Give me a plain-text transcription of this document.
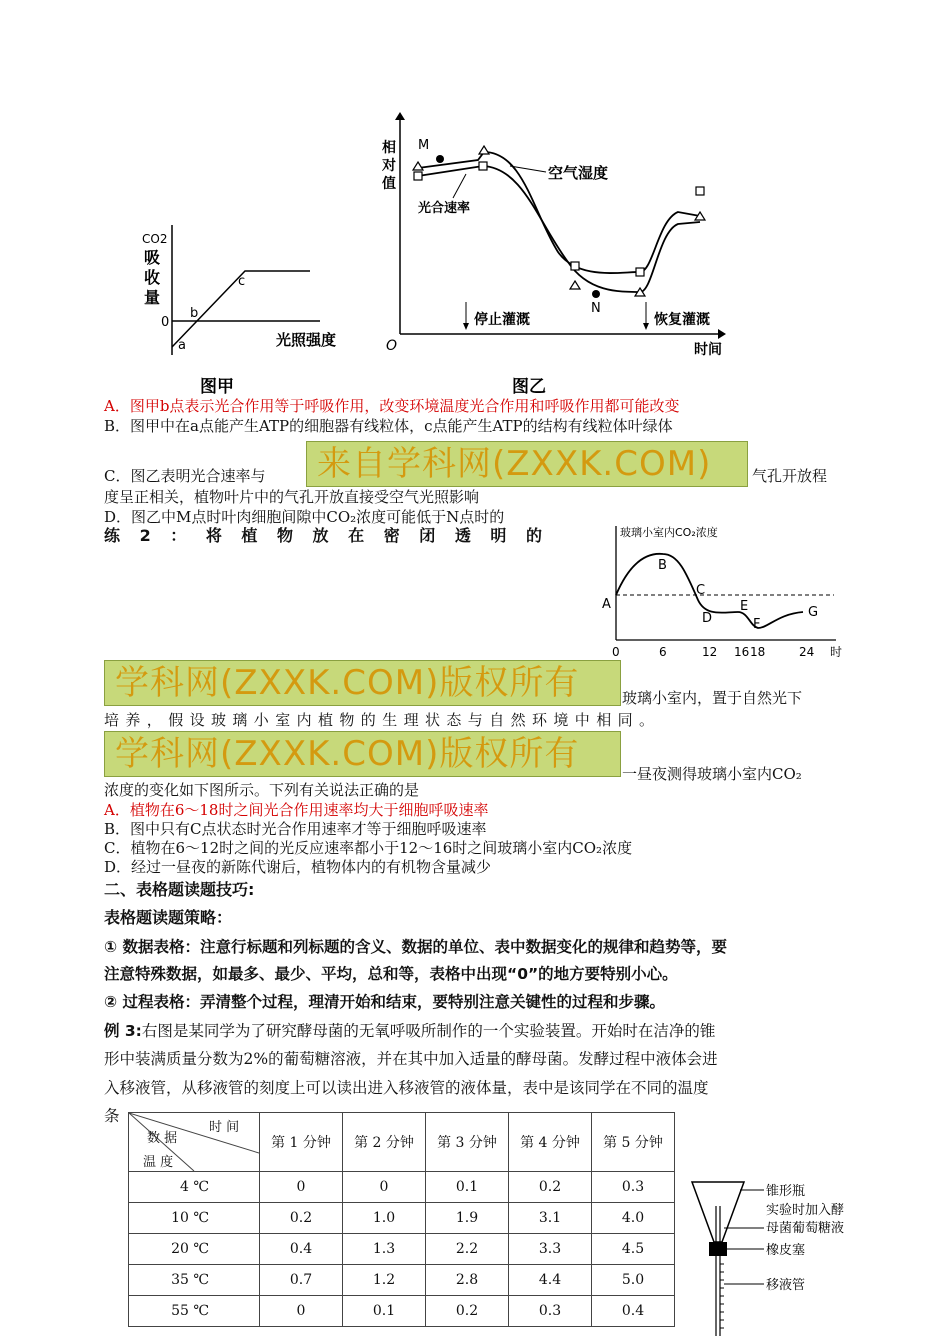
CO2
吸
收
量
0
a
b
c
光照强度
图甲
相
对
值
M
N
空气湿度
光合速率
停止灌溉	恢复灌溉
O	时间
图乙
A．图甲b点表示光合作用等于呼吸作用，改变环境温度光合作用和呼吸作用都可能改变
B．图甲中在a点能产生ATP的细胞器有线粒体，c点能产生ATP的结构有线粒体叶绿体
C．图乙表明光合速率与	气孔开放程
度呈正相关，植物叶片中的气孔开放直接受空气光照影响
D．图乙中M点时叶肉细胞间隙中CO₂浓度可能低于N点时的
来自学科网(ZXXK.COM)
练 2 ： 将 植 物 放 在 密 闭 透 明 的	玻璃小室内CO₂浓度
A
B
C
D
E
F
G
0	6	12 16 18	24 时
学科网(ZXXK.COM)版权所有	玻璃小室内，置于自然光下
培养，假设玻璃小室内植物的生理状态与自然环境中相同。
学科网(ZXXK.COM)版权所有	一昼夜测得玻璃小室内CO₂
浓度的变化如下图所示。下列有关说法正确的是
A．植物在6～18时之间光合作用速率均大于细胞呼吸速率
B．图中只有C点状态时光合作用速率才等于细胞呼吸速率
C．植物在6～12时之间的光反应速率都小于12～16时之间玻璃小室内CO₂浓度
D．经过一昼夜的新陈代谢后，植物体内的有机物含量减少
二、表格题读题技巧:
表格题读题策略：
① 数据表格：注意行标题和列标题的含义、数据的单位、表中数据变化的规律和趋势等，要
注意特殊数据，如最多、最少、平均，总和等，表格中出现“0”的地方要特别小心。
② 过程表格：弄清整个过程，理清开始和结束，要特别注意关键性的过程和步骤。
例 3:右图是某同学为了研究酵母菌的无氧呼吸所制作的一个实验装置。开始时在洁净的锥
形中装满质量分数为2%的葡萄糖溶液，并在其中加入适量的酵母菌。发酵过程中液体会进
入移液管，从移液管的刻度上可以读出进入移液管的液体量，表中是该同学在不同的温度
条
时 间
数 据
温 度	第 1 分钟	第 2 分钟	第 3 分钟	第 4 分钟	第 5 分钟
4 ℃	0	0	0.1	0.2	0.3
10 ℃	0.2	1.0	1.9	3.1	4.0
20 ℃	0.4	1.3	2.2	3.3	4.5
35 ℃	0.7	1.2	2.8	4.4	5.0
55 ℃	0	0.1	0.2	0.3	0.4
锥形瓶
实验时加入酵
母菌葡萄糖液
橡皮塞
移液管
